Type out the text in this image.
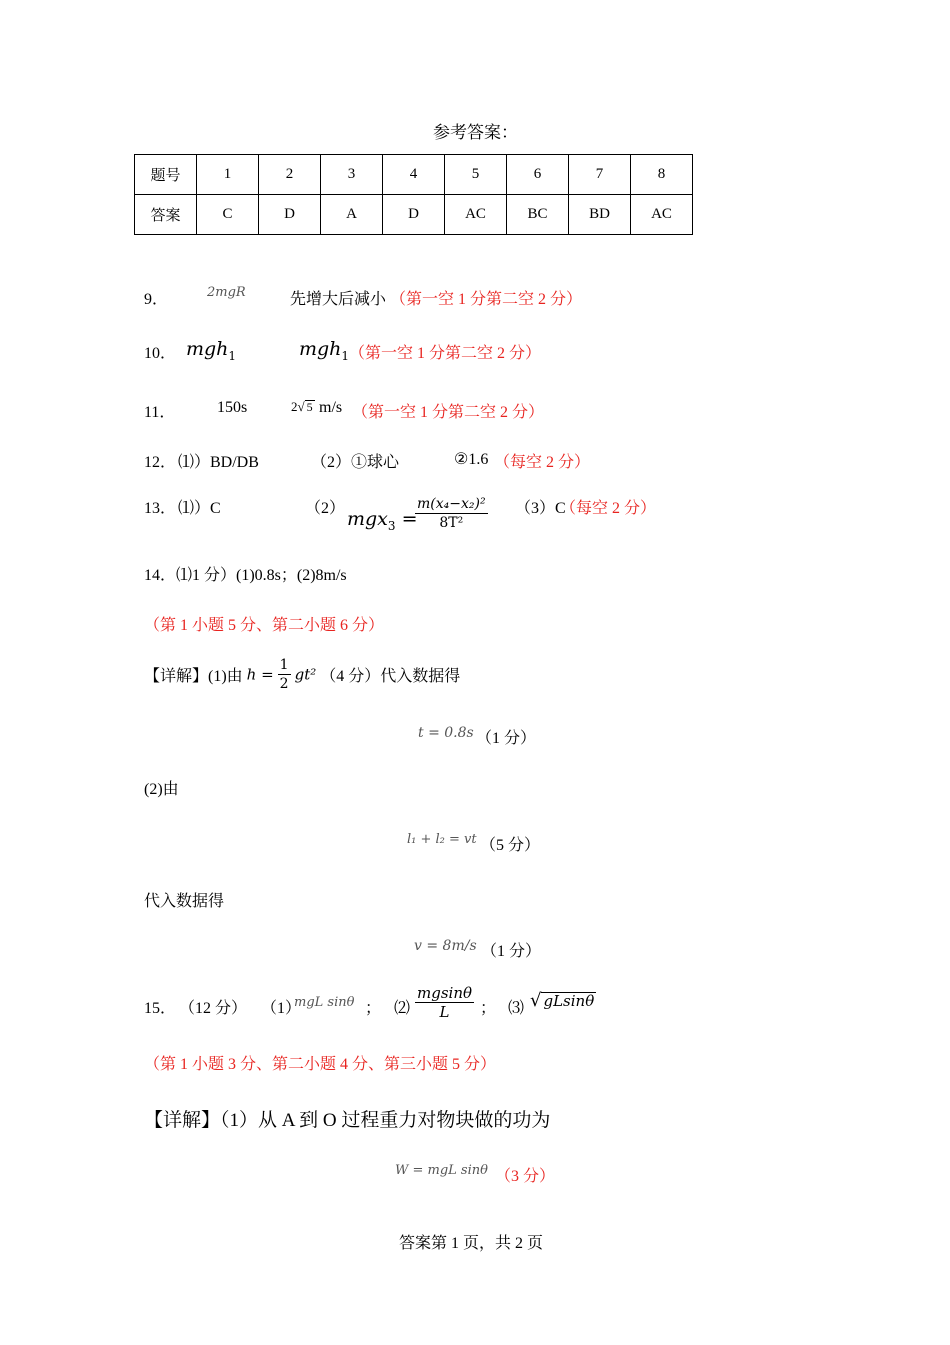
参考答案：
题号	1	2	3	4	5	6	7	8
答案	C	D	A	D	AC	BC	BD	AC
9．	2mgR	先增大后减小 （第一空 1 分第二空 2 分）
10． mgh$_1$	mgh$_1$ （第一空 1 分第二空 2 分）
11．	150s	2√ 5 m/s （第一空 1 分第二空 2 分）
12． ⑴）BD/DB	（2）①球心	②1.6 （每空 2 分）
13． ⑴）C	（2） mgx$_3$ =
$\frac{\text{m(x₄−x₂)²}}{\text{8T²}} (3)C$
（每空 2 分）
14．⑴1 分）(1)0.8s；(2)8m/s
（第 1 小题 5 分、第二小题 6 分）
【详解】(1)由 $h = \frac{1}{2} gt^2$ （4 分）代入数据得
t = 0.8s （1 分）
(2)由
l₁ + l₂ = vt （5 分）
代入数据得
v = 8m/s （1 分）
15． （12 分） （1）
mgL sinθ ； ⑵ $\frac{mgsin\theta}{L}$ ； ⑶ √ gLsinθ
（第 1 小题 3 分、第二小题 4 分、第三小题 5 分）
【详解】（1）从 A 到 O 过程重力对物块做的功为
W = mgL sinθ （3 分）
答案第 1 页，共 2 页
